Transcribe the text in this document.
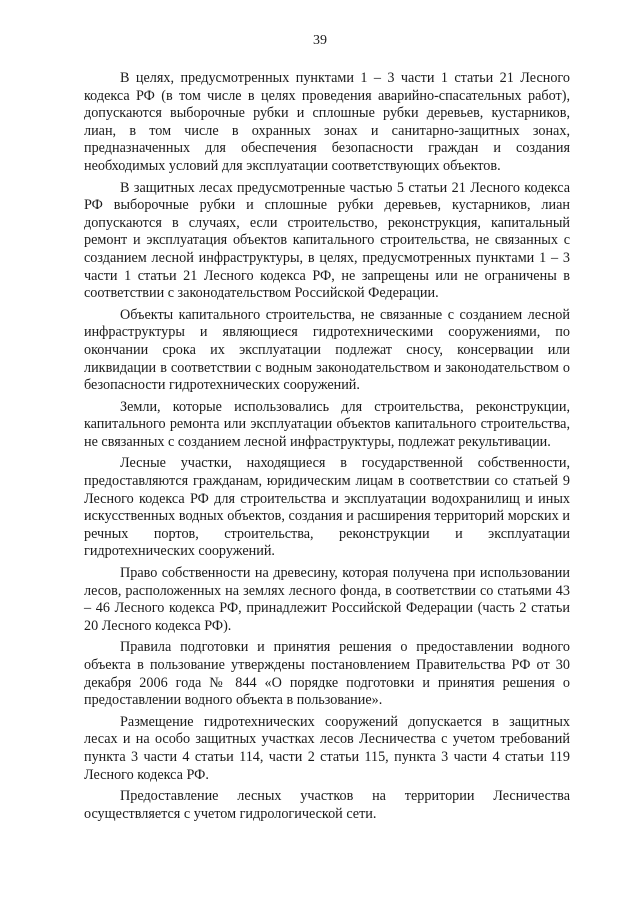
39

В целях, предусмотренных пунктами 1 – 3 части 1 статьи 21 Лесного кодекса РФ (в том числе в целях проведения аварийно-спасательных работ), допускаются выборочные рубки и сплошные рубки деревьев, кустарников, лиан, в том числе в охранных зонах и санитарно-защитных зонах, предназначенных для обеспечения безопасности граждан и создания необходимых условий для эксплуатации соответствующих объектов.

В защитных лесах предусмотренные частью 5 статьи 21 Лесного кодекса РФ выборочные рубки и сплошные рубки деревьев, кустарников, лиан допускаются в случаях, если строительство, реконструкция, капитальный ремонт и эксплуатация объектов капитального строительства, не связанных с созданием лесной инфраструктуры, в целях, предусмотренных пунктами 1 – 3 части 1 статьи 21 Лесного кодекса РФ, не запрещены или не ограничены в соответствии с законодательством Российской Федерации.

Объекты капитального строительства, не связанные с созданием лесной инфраструктуры и являющиеся гидротехническими сооружениями, по окончании срока их эксплуатации подлежат сносу, консервации или ликвидации в соответствии с водным законодательством и законодательством о безопасности гидротехнических сооружений.

Земли, которые использовались для строительства, реконструкции, капитального ремонта или эксплуатации объектов капитального строительства, не связанных с созданием лесной инфраструктуры, подлежат рекультивации.

Лесные участки, находящиеся в государственной собственности, предоставляются гражданам, юридическим лицам в соответствии со статьей 9 Лесного кодекса РФ для строительства и эксплуатации водохранилищ и иных искусственных водных объектов, создания и расширения территорий морских и речных портов, строительства, реконструкции и эксплуатации гидротехнических сооружений.

Право собственности на древесину, которая получена при использовании лесов, расположенных на землях лесного фонда, в соответствии со статьями 43 – 46 Лесного кодекса РФ, принадлежит Российской Федерации (часть 2 статьи 20 Лесного кодекса РФ).

Правила подготовки и принятия решения о предоставлении водного объекта в пользование утверждены постановлением Правительства РФ от 30 декабря 2006 года № 844 «О порядке подготовки и принятия решения о предоставлении водного объекта в пользование».

Размещение гидротехнических сооружений допускается в защитных лесах и на особо защитных участках лесов Лесничества с учетом требований пункта 3 части 4 статьи 114, части 2 статьи 115, пункта 3 части 4 статьи 119 Лесного кодекса РФ.

Предоставление лесных участков на территории Лесничества осуществляется с учетом гидрологической сети.
